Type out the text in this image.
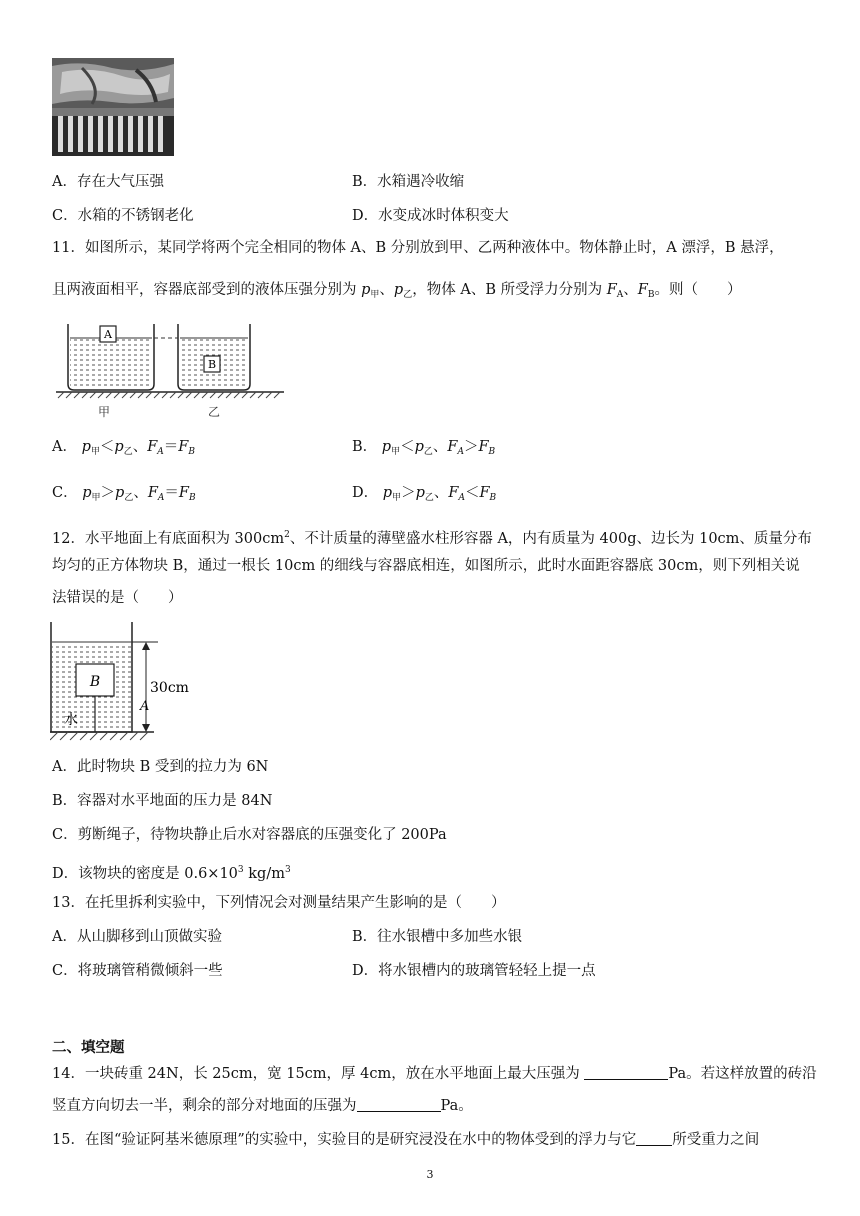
A．存在大气压强	B．水箱遇冷收缩
C．水箱的不锈钢老化	D．水变成冰时体积变大
11．如图所示，某同学将两个完全相同的物体 A、B 分别放到甲、乙两种液体中。物体静止时，A 漂浮，B 悬浮，
且两液面相平，容器底部受到的液体压强分别为 $p_甲$、$p_乙$，物体 A、B 所受浮力分别为 $F_A$、$F_B$。则（　　）
A
B
甲	乙
A． $p_甲<p_乙$、$F_A=F_B$	B． $p_甲<p_乙$、$F_A>F_B$
C． $p_甲>p_乙$、$F_A=F_B$	D． $p_甲>p_乙$、$F_A<F_B$
12．水平地面上有底面积为 $300cm^2$、不计质量的薄壁盛水柱形容器 A，内有质量为 400g、边长为 10cm、质量分布
均匀的正方体物块 B，通过一根长 10cm 的细线与容器底相连，如图所示，此时水面距容器底 30cm，则下列相关说
法错误的是（　　）
B
水
30cm
A
A．此时物块 B 受到的拉力为 6N
B．容器对水平地面的压力是 84N
C．剪断绳子，待物块静止后水对容器底的压强变化了 200Pa
D．该物块的密度是 $0.6\times 10^3$ $kg/m^3$
13．在托里拆利实验中，下列情况会对测量结果产生影响的是（　　）
A．从山脚移到山顶做实验	B．往水银槽中多加些水银
C．将玻璃管稍微倾斜一些	D．将水银槽内的玻璃管轻轻上提一点
二、填空题
14．一块砖重 24N，长 25cm，宽 15cm，厚 4cm，放在水平地面上最大压强为	Pa。若这样放置的砖沿
竖直方向切去一半，剩余的部分对地面的压强为	Pa。
15．在图“验证阿基米德原理”的实验中，实验目的是研究浸没在水中的物体受到的浮力与它 所受重力之间
3
